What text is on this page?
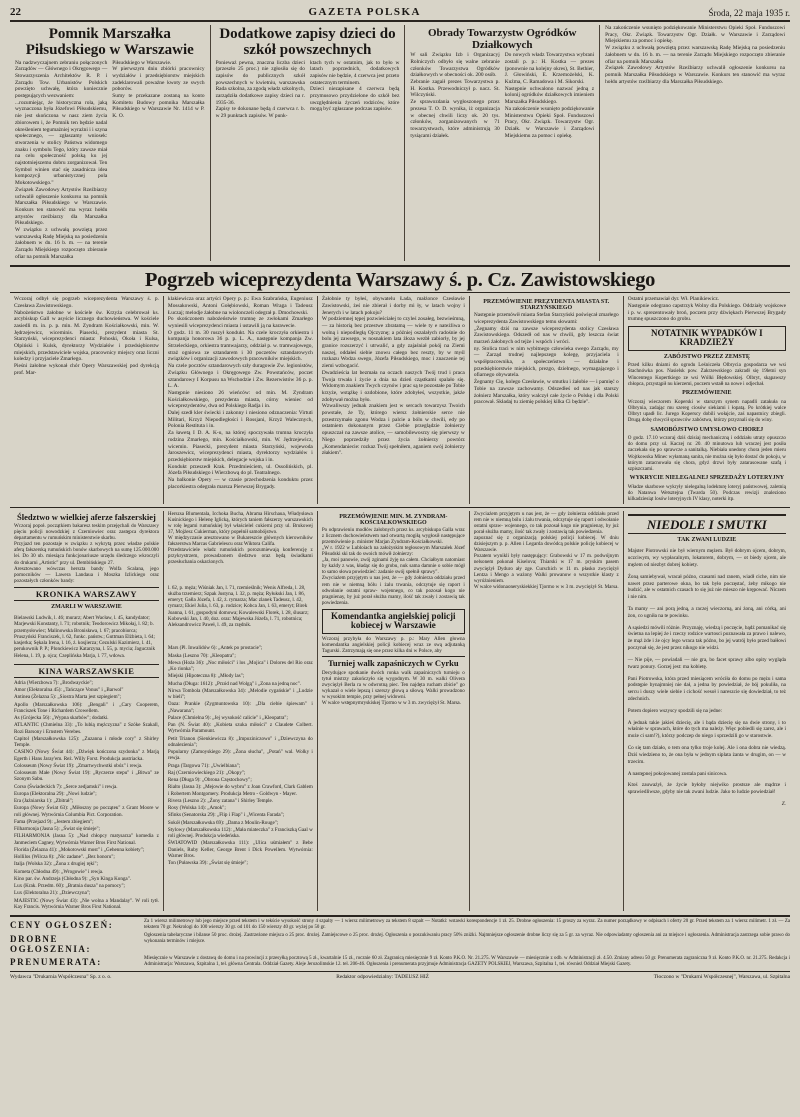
22	GAZETA POLSKA	Środa, 22 maja 1935 r.
Pomnik Marszałka Piłsudskiego w Warszawie

Na nadzwyczajnem zebraniu połączonych Zarządów — Głównego i Okręgowego — Stowarzyszenia Architektów R. P. i Zarządu Tow. Urbanistów Polskich powzięto uchwałę, która koniecznie postępujących wezwaniem:

...rozumiejąc, że historyczna rola, jaką wyznaczona była Józefowi Piłsudskiemu, nie jest skończona w nasz ziem życia zbiorowem i, że Pomnik ten będzie nadal określeniem tegumażniej wyrażni i i szyna społecznego, — zgłaszamy wniosek: stworzenia w stolicy Państwa widomego znaku i symbolu Tego, który zawsze miał na celu społeczność polską ku jej najstotniejszemu dobru zorganizował. Ten Symbol winien stać się zasadnicza idea kompozycji urbanistycznej pola Mokotowskiego."

Związek Zawodowy Artystów Rzeźbiarzy uchwalił ogłoszenie konkursu na pomnik Marszałka Piłsudskiego w Warszawie. Konkurs ten stanowić ma wyraz hołdu artystów rzeźbiarzy dla Marszałka Piłsudskiego.

W związku z uchwałą powziętą przez warszawską Radę Miejską na posiedzeniu żałobnem w dn. 16 b. m. — na terenie Zarządu Miejskiego rozpoczęto zbieranie ofiar na pomnik Marszałka

Piłsudskiego w Warszawie.

W pierwszym dniu zbiórki pracownicy wydziałów i przedsiębiorstw miejskich zadeklarowali poważne kwoty ze swych poborów.

Sumy te przekazane zostaną na konto Komitetu Budowy pomnika Marszałka Piłsudskiego w Warszawie Nr. 1414 w P. K. O.

Dodatkowe zapisy dzieci do szkół powszechnych

Ponieważ pewna, znaczna liczba dzieci (przeszło 25 proc.) nie zgłosiła się do zapisów do publicznych szkół powszechnych w kwietniu, warszawska Rada szkolna, za zgodą władz szkolnych, zarządziła dodatkowe zapisy dzieci na r. 1935-36.

Zapisy te dokonane będą 4 czerwca r. b. w 29 punktach zapisów. W punk-

ktach tych w ostatnim, jak to było w latach poprzednich, dodatkowych zapisów nie będzie, 4 czerwca jest przeto ostatecznym terminem.

Dzieci niezapisane 4 czerwca będą przymusowo przydzielone do szkół bez uwzględnienia życzeń rodziców, które mogą być zgłaszane podczas zapisów.

Obrady Towarzystw Ogródków Działkowych

W sali Związku Izb i Organizacyj Rolniczych odbyło się walne zebranie członków Towarzystwa Ogródków działkowych w obecności ok. 200 osób.

Zebranie zagaił prezes Towarzystwa p. H. Kostka. Przewodniczył p. nacz. St. Wilczyński.

Ze sprawozdania wygłoszonego przez prezesa T. O. D. wynika, iż organizacja w obecnej chwili liczy ok. 20 tys. członków, zorganizowanych w 71 towarzystwach, które administrują 30 tysiącami działek.

Do nowych władz Towarzystwa wybrani zostali p. p.: H. Kostka — prezes (ponownie na kolejny okres), St. Bethier, J. Głowiński, E. Krzemożelski, K. Kuźma, C. Ramadowa i M. Sikorski.

Następnie uchwalono nazwać jedną z kolonij ogródków działkowych imieniem Marszałka Piłsudskiego.

Na zakończenie wsunięto podziękowanie Ministerstwu Opieki Społ. Funduszowi Pracy, Okr. Związk. Towarzystw Ogr. Działk. w Warszawie i Zarządowi Miejskiemu za pomoc i opiekę.

Na zakończenie wsunięto podziękowanie Ministerstwu Opieki Społ. Funduszowi Pracy, Okr. Związk. Towarzystw Ogr. Działk. w Warszawie i Zarządowi Miejskiemu za pomoc i opiekę.

W związku z uchwałą powziętą przez warszawską Radę Miejską na posiedzeniu żałobnem w dn. 16 b. m. — na terenie Zarządu Miejskiego rozpoczęto zbieranie ofiar na pomnik Marszałka

Związek Zawodowy Artystów Rzeźbiarzy uchwalił ogłoszenie konkursu na pomnik Marszałka Piłsudskiego w Warszawie. Konkurs ten stanowić ma wyraz hołdu artystów rzeźbiarzy dla Marszałka Piłsudskiego.

Pogrzeb wiceprezydenta Warszawy ś. p. Cz. Zawistowskiego

Wczoraj odbył się pogrzeb wiceprezydenta Warszawy ś. p. Czesława Zawistowskiego.

Nabożeństwo żałobne w kościele św. Krzyża celebrował ks. arcybiskup Gall w asyście licznego duchowieństwa. W kościele zasiedli m. in. p. p. min. M. Zyndram Kościałkowski, min. W. Jędrzejewicz, wiceminis. Piasecki, prezydent miasta St. Starzyński, wiceprezydenci miasta: Pohoski, Okoła i Kulsa, Olpiński i Kulsk, dyrektorzy Wydziałów i przedsiębiorstw miejskich, przedstawiciele wojska, pracownicy miejscy oraz liczni koledzy i przyjaciele Zmarłego.

Pieśni żałobne wykonał chór Opery Warszawskiej pod dyrekcją prof. Mar-

klakiewicza oraz artyści Opery p. p.: Ewa Szabrańska, Eugeniusz Mossakowski, Antoni Gołębiowski, Roman Wraga i Tadeusz Łuczaj; melodje żałobne na wiolonczeli odegrał p. Dmochowski.

Po skończonem nabożeństwie trumnę ze zwłokami Zmarłego wyniesili wiceprezydenci miasta i ustawili ją na karawecie.

O godz. 11 m. 30 ruszył kondukt. Na czele kroczyła orkiestra i kompanja honorowa 36 p. p. L. A., następnie kompanja Zw. Strzeleckiego, orkiestra tramwajarzy, oddział p. w. tramwajowego, straż ogniowa ze sztandarem i 30 poczetów sztandarowych związków i organizacji zawodowych pracowników miejskich.

Na czele pocztów sztandarowych szły duragowie Zw. legionistów, Związku Głównego i Okręgowego Zw. Powstańców, poczet sztandarowy I Korpusu na Wschodzie i Zw. Rezerwistów 36 p. p. L. A.

Następnie niesiono 26 wieńców: od min. M. Zyndram Kościałkowskiego, prezydenta miasta, córny wieniec od wiceprezydentów, dwa od Polskiego Radja i in.

Dalej szedł kler świecki i zakonny i niesiono odznaczenia: Virtuti Militari, Krzyż Niepodległości i Rossjani, Krzyż Walecznych, Polonia Restituta i in.

Za ławetą I D. A. K-u, na której spoczywała trumna kroczyła rodzina Zmarłego, min. Kościałkowski, min. W. Jędrzejewicz, wicemin. Piasecki, prezydent miasta Starzyński, wojewoda Jaroszewicz, wiceprezydenci miasta, dyrektorzy wydziałów i przedsiębiorstw miejskich, delegacje wojska i in.

Kondukt przeszedł Krak. Przedmieściem, ul. Ossolińskich, pl. Józefa Piłsudskiego i Wierzbową do pl. Teatralnego.

Na balkonie Opery — w czasie przechodzenia konduktu przez placorkiestra odegrała marsza Pierwszej Brygady.

Żałobnie ty byłeś, obywatelu Łada, małżonce Czesławie Zawistowski, żeś nie zbierał i dorby mi ły, w latach wojny i Jenerych i w latach pokoju?

W podziemnej tępej pozwieściałej to czyleś zosałeg, bezwieśmną, — za historią bez przestwe zbratamą — wiele ty e nateżliwa o wolną i niepodległą Ojczyznę; a później oszalałych radośnie do bolu jej zawsego, w nosnakiem lata żłoza wezbł zabiorły, by jej granice rozszerzyć i utrwalić, a gdy zajaśniał pokój na Ziemi naszej, oddałeś siebie znowu całego bez reszty, by w myśl rozkazu Wodza swego, Józefa Piłsudskiego, moc i znaczenie tej ziemi wzbogacić.

Dwadzieścia lat bezmała na oczach naszych Twój trud i praca Twoja trwała i życie a dnia na dzień cząstkami spalało się. Widomym znakiem Twych czynów i prac są te pozostałe po Tobie krzyże, wstążkę i ozdobione, które zdobyłeś, wszystkie, jakże zdobywał można było.

Wzwaliwszy jednak znakiem jest w sercach towarzysz Twoich powstałe, że Ty, którego wiersz żołnierskie serce nie przestrzymało zgonu Wodza i palcie a bólu w chwili, edy po ostatniem dokonanym przez Ciebie przeglądzie żołnierzy opuszczał na zawsze atolice, — samobilewosrzy się pierwszy w Niego poprzedziły przez życia żołnierzy powtórz „Komendaniecie: rozkaz Twój spełniłem, aganiem swój żołnierzy złakiem".

PRZEMÓWIENIE PREZYDENTA MIASTA ST. STARZYŃSKIEGO

Następnie przemówił miasta Stefan Starzyński poświęcał zmarłego wiceprezydenta Zawistowskiego temu słowami:

„Żegnamy dziś na zawsze wiceprezydenta stolicy Czesława Zawistowskiego. Odszedł od nas w chwili, gdy leszcza świat marzeń żałobnych od tejże i wspóch i wróci.

ny. Stolica traci w nim wybitnego człowieka swego Zarządu, my — Zarząd trudnej najlepszego kolegę, przyjaciela i współpracownika, a społeczeństwo — działalne i przedsiębiorstwie miejskich, prezgo, dzielnego, wymagającego i ofiarnego obywatela.

Żegnamy Cię, kolego Czesławie, w smutku i żałobie — i pamięć o Tobie na zawsze zachowamy. Odszedłeś od nas jak starszy żołnierz Marszałka, który walczył całe życie o Polskę i dla Polski pracował. Składaj tu ziemię polskiej kilka Ci będzie".

Ostatni przemawiał dyr. Wł. Planikiewicz.

Następnie odegrano capstrzyk Wolny dla Polskiego. Oddziały wojskowe i p. w. sprezentowały broń, poczem przy dźwiękach Pierwszej Brygady trumnę spuszczono do grobu.

NOTATNIK WYPADKÓW I KRADZIEŻY
ZABÓJSTWO PRZEZ ZEMSTĘ

Przed kilku dniami do ogrodu Leśniczeła Olbrycia gospodarza we wsi Stachnówka pos. Nasielsk pow. Zakrzewskiego zakradł się 19letni syn Wincentego Kopertkiego ze wsi Wólki Błędowskiej. Olbryt, skąpawszy chłopca, przystąpił nu kierzemi, poczem wstałł na nowe i odjechał.

PRZEMÓWIENIE

Wczoraj wieczorem Koperski w starszym synem napadli zatakuła na Olbrynia, zadając mu szereg ciosów siekiami i łopatą. Po krótkiej walce Olbryt upadł lic. Jurego Koperscy dobili wołajcie, zaś napastnicy zbiegli. Drugą dobę chwycił sprawców zabóstwa, którzy przyznali się do winy.

SAMOBÓJSTWO UMYSŁOWO CHOREJ

O godz. 17.10 wczoraj dziś dzisiaj mechaniczną i oddziału utraty opuszczo do domu przy ul. Kaczej nr. 20. 40 minutowa lub wraczej jest posiła zaczekała się po sprawcze a sanitalką. Niebiała unedony chora jeden mieru Wojtkowska Minec wyłamaną sanita, nie można się było dostać do pokoju, w którym zatacnowała się chora, gdyż drzwi były zatarasowane szafą i szpiszczami.

WYKRYCIE NIELEGALNEJ SPRZEDAŻY LOTERYJNY

Władze skarbowe wykryły nielegalną lodekturę loteryj państwowej, zaletnią do Natanwa Wetsztejna (Twarda 50). Podczas rewizji znaleziono kilkadziesiąt losów loteryjnych IV klasy, noterki itp.

Śledztwo w wielkiej aferze fałszerskiej

Wczoraj popoł. początkiem bakaresz teskim przejęchali do Warszawy pięciu policji nowodzkiej z Czerniowiec oraz zastępca dyrektora departamentu w rumuńskim ministerstwie skarbu.

Przyjazd ten pozostaje w związku z wykrytą przez władze polskie aferą fałszerską rumuńskich bonów skarbowych na sumę 125.000.000 lei. Do 30 ub. miesiąca funkcjonariusze urzędu śledczego wkroczyli do drukarni „Artistic" przy ul. Dembińskiego 27.

Aresztowano wówczas herszta bandy Wolfa Scalana, jego pomocników — Lawera Landaua i Moszka Izlickiego oraz pozostałych członków bandy:

KRONIKA WARSZAWY
ZMARLI W WARSZAWIE

Bielawski Ludwik, l. 46; murarz; Abert Wacław, l. 45, kandydator; Marjewski Konstanty, l. 71; robotnik; Teodorowicz Mikołaj, l. 82; b. przemysłowiec; Malinowska Bronisława, l. 67; pracobiorca; Pruszyński Franciszek, l. 62, funkc. państw.; Guttman Elżbieta, l. 64; kasjerka; Sękala Irena, l. 16, ż. kosjierza; Cezulski Kazimierz, l. 41, perukownik P. P.; Plonckiewicz Katarzyna, l. 55, p. mycia; Jagucznik Helena, l. 19, p. ojca; Czeplińska Marja, l. 77, wdowa.

KINA WARSZAWSKIE

Adria (Wierzbowa 7): „Brodwayckie";

Amor (Elektoralna 45): „Tańczące Vonus" i „Barwol"

Antinea (Żelazna 5): „Siostra Marta jest szpiegiem";

Apollo (Marszałkowska 106): „Bengali" i „Cary Cooperem, Franciszek Tone i Richardem Crowellem.

As (Grójecka 56): „Wypna skarbów"; dodatki.

ATLANTIC (Chmielna 33): „To lubią mężczyzna" z Szóke Szakall, Rozi Barsony i Ernstem Verebes.

Capitol (Marszałkowska 125): „Zuzanna i młode cory" z Shirley Temple.

CASINO (Nowy Świat 44): „Dźwięk kończona szydonka" z Marją Egerth i Hans Jaray'em. Reż. Willy Forst. Produkcja austriacka.

Colosseum (Nowy Świat 19): „Zmartwychwstki obóz" i rewja.

Colosseum Małe (Nowy Świat 19): „Ryczerze stepu" i „Bitwa" ze Szonym Sabu.

Corso (Świadeckich 7): „Serce zedjamski" i rewja.

Europa (Elektoralna 29): „Nowi ludzie";

Era (Jaźniarska 1): „Zbitrał";

Europa (Nowy Świat 63): „Miłoszny po począteк" z Grant Moore w roli głównej. Wytwórnia Columbia Pict. Corporation.

Fama (Przejazd 9): „Jestem zbiegiem";

Filharmonja (Jasna 5): „Świat się śmieje";

FILHARMONJA (Jasna 5): „Nad chłopcy matysarza" komedia z Janmeciem Cagney, Wytwórnia Warner Bros First National.

Florida (Żelazna 41): „Mokotowski most" i „Gehenna kobiety";

Hollilos (Wilcza 8): „Nic zadane". „Bez honoru";

Italja (Wolska 32): „Żona z drugiej ręki";

Kometa (Chłodna 49): „Wrogowie" i rewja.

Kino par. św. Andrzeja (Chłodna 9): „Syn Kinga Konga".

Lux (Krak. Przedm. 60): „Bratnia dusza" na pomocy";

Lux (Elektoralna 21): „Dziewczyna";

MAJESTIC (Nowy Świat 43): „Nie wolna a Mandalay". W roli tytł. Kay Francis. Wytwórnia Warner Bros First National.

Herszsa Blumentala, Icchoka Bucha, Abrama Hirschaua, Władysława Kuśnickiego i Helenę Iglicką, których taniem fałszerzy warszawskich w rolę legami rumuńskiej był właścielel cukierni przy ul. Brukowej 37, Mojżesz Cukierman, który popełnił samobójstwo.

W międzyczasie aresztowano w Bukareszcie głównych kierowników fałszerstwa Marcas Gabrielescu oraz Wiktora Califa.

Przedstawiciele władz rumuńskich porozumiewają konferencję z przykrystrzem, prowadzonem śledztwo oraz będą świadkami przesłuchania oskarżonych.

l. 62, p. męża; Wiśniak Jan, l. 71, rzemieślnik; Wenis Alfreda, l. 28, służba trzemierz; Szpak Justyna, l. 32, p. męża; Ryłukski Jan, l. 86, emeryt; Gałla Józefa, l. 42, ż. rymarza; Mac zlanek Tadeusz, l. 42, rymarz; Ekiel Julia, l. 63, p. rodzice; Kobca Jan, l. 63, emeryt; Birek Joanna, l. 61, gospodyni domowa; Kowalewski Florek, l. 28, ślusarz; Kobowski Jan, l. 40, doz. oraz: Majewska Józefa, l. 71, robotnica; Aleksandrowicz Paweł, l. 49, za rzędnik.

Mars (Pl. Inwalidów 6): „Antek po prostacie";

Maska (Leszno 70): „Kleopatra";

Mewa (Hoża 36): „Noc miłości" i los „Mojica" i Dolores del Rio oraz „Ko rionka";

Miejski (Hipoteczna 8): „Młody las";

Mucha (Długa: 1612): „Przód nad Wolgą" i „Zona na jedną noc".

Nirwa Tombola (Marszałkowska 34): „Melodie cygańskie" i „Ludzie w bieli";

Oaza: Prankie (Zygmuntowska 10): „Dla ciebie śpiewam" i „Nawarana";

Palace (Chmielna 9): „Jej wysokość calicie" i „Kleopatra";

Pan (N. Świat 40): „Kobieta szuka miłości" z Claudete Colbert. Wytwórnia Paramount.

Petit Trianon (Sienkiewicza 8): „Impoziniczowo" i „Dziewczyna do odnalezienia";

Popularny (Zamoyskiego 29): „Żona słucha", „Potań" wal. Wolky i rewja.

Praga (Targowa 71): „Uwielbiana";

Raj (Czerniowieckiego 21): „Okopy";

Rena (Długa 9): „Obrona Częstochowy";

Rialto (Jasna 3): „Mejowie do wybru" z Joan Crawford, Clark Gablem i Robertem Montgomery. Produkcja Metro - Goldwyn - Mayer.

Rivera (Leszno 2): „Żony zatana" i Shirley Temple.

Rosy (Wolska 14): „Amok";

Sfinks (Senatorska 29): „Flip i Flap" i „Wicenta Farada";

Sokół (Marszałkowska 69): „Dama z Moulin-Rouge";

Stylowy (Marszałkowska 112): „Mała miateczka" z Franciszką Gaal w roli głównej. Produkcja wiedeńska.

ŚWIATOWID (Marszałkowska 111): „Ulica uśmiałem" z Bebe Daniels, Ruby Keller, George Brent i Dick Powellem. Wytwórnia: Warner Bros.

Ton (Puławska 39): „Świat się śmieje";

PRZEMÓWIENIE MIN. M. ZYNDRAM-KOŚCIAŁKOWSKIEGO

Po odprawieniu modłów żałobnych przez ks. arcybiskupa Galla wraz z licznem duchowieństwem nad otwartą mogiłą wygłosił następujące przemówienie p. minister Marjan Zyndram-Kościałkowski.

„W r. 1922 w Lubloiach na założyskim tegłosowym Marszałek Józef Piłsudski ski tak do swoich mówił żołnierzy:

„Ja, moi panowie, zwój zginami żyję na całem. Chciałbym natomiast by każdy z was, kładąc się do grobu, nuk sama damnie o sobie mógł to samo słowa powiedzieć: zadanie swój spełnił sprawy".

Zwyciażem przyjętym u nas jest, że — gdy żołnierza oddziału przed rem nie w niemną bólu i żalu trwania, odczytuje się raport i odwołanie ostatni spraw- wojennego, co tak pozosał kogo nie pragnienay, by już porał służba mamy, ilość tak zwały i zostawią tak powiedzenia.

Komendantka angielskiej policji kobiecej w Warszawie

Wczoraj przybyła do Warszawy p. p.: Mary Allen głowna komendantka angielskiej policji kobiecej wraz ze swą adjutanką Tagurski. Zatrzymają się one przez kilka dni w Polsce, aby

Turniej walk zapaśniczych w Cyrku

Decydujące spotkanie dwóch ronka walk zapaśniczych turnieju o tytuł mistrzy zakończyło się wygodnym. W 30 m. walki Olivera zwyciężył Berla ra w odwrotną piec. Ten najdęta rucham zbicie" go wykazał o wiele lepszą i szerszy głową a siłową. Walki prowadzono w wysokim tempie, przy pełnej widowni.

W walce wstępnymryskiskej Tjormo w w 3 m. zwyciężył St. Marsa.

Zwyciażem przyjętym u nas jest, że — gdy żołnierza oddziału przed rem nie w niemną bólu i żalu trwania, odczytuje się raport i odwołanie ostatni spraw- wojennego, co tak pozosał kogo nie pragnienay, by już porał służba mamy, ilość tak zwały i zostawią tak powiedzenia.

zapoznać się z organizacją polskiej policji kobiecej. W dniu dzisiejszym p. p. Allen i Legarda dowódcą polskie policję kobiecej w Warszawie.

Pozatem wynikli były następujący: Grabowski w 17 m. podwójnym nelsonem pokonał Kiselova; Thiarski w 17 m. pryskim pasem zwyciężył Dyduro ały zge. Curschich w 11 m. płasko zwyciężył Lentza i Mengo a ważony Walki prowanow o wszystkie klasty z wyróżnieniem.

W walce widonaoneryskiekkiej Tjormo w w 3 m. zwyciężył St. Marsa.

NIEDOLE I SMUTKI
TAK ZWANI LUDZIE

Majster Piotrowski nie był wiernym mężem. Był dobrym ojcem, dobrym, uczciwym, wy wypłacalnym, lokatorem, dobrym, — ot biedy ojcem, ale mężem od niezbyt dobrej kobiety.

Żoną samiebywał, wracał późno, czasami nad ranem, wiadł ciche, nim nie nawet przez parterowe okna, bo tak było poczęstać, żeby mikogo nie budzić, ale w ostatnich czasach to się już nie mieszo nie krępować. Niczem i nie nim.

Ta mamy — ani porą jedną, a raczej wieczorną, ani żoną, ani córką, ani żon, co ugniła na te powinku.

A sąsiedzi mówili różnie. Przyznaję, wiedzą i poczęcie, bądź pomanikać się świetna na lepiej że i rzeczy rodzice wartosci poznawała za prawo i nalewo, że mąż żde i że ojcy lego wraca tak późno, bo jej watrój było przed bałłowi poczynał się, że jest przez nikogo nie widzi.

— Nie pije, — powiadali — nie gra, bo facet sprawy albo opity wygląda twarz ponury. Gorzej jest: ma kobietę.

Pani Piotrowska, która przed miesiącem wróciła do domu po mężu i sama podstępie bynajmniej nie dał, a jedna by powiedział, że bój pokuliła, na sercu i duszy wiele siebie i cichość wesoł i nareszcie się dowiedział, to też zdechnich.

Potem dopiero wszyscy spodzili się na jedne:

A jednak takie jakieś dziecię, ale i bąda dziecię się na dwie strony, i to właśnie w sprawach, które do tych ma należy. Więc pobiedli się zarez, ale i może ci sam!?), którzy podczep do niego i sprzedzili go w starostwie.

Co się tam działo, o tem ona tylko troje kolej. Ale i ona dobra nie wiedzą. Dziś wiedzieno to, że ona była w jednym siplata żanta w drugim, on — w trzecim.

A następnej pokojowanej zostala pani sinicowa.

Ktoś zauważył, że życie byłoby niejwiko prostsze ale mądrze i sprawiedliwsze, gdyby nie tak zwani ludzie. Jako to ludzie powiedział!

Z.
CENY OGŁOSZEŃ:	Za 1 wiersz milimetrowy lub jego miejsce przed tekstem i w tekście wysokość strony 4 szpalty — 1 wiersz milimetrowy za tekstem 8 szpalt — Notatki: wstawki korespondencje 1 zł. 25. Drobne ogłoszenia: 15 groszy za wyraz. Za numer porządkowy w odpisach i oferty 20 gr. Przed tekstem za 1 wiersz milimetr. 1 zł. — Za tekstem 70 gr. Nekrologi do 100 wierszy 30 gr. od 101 do 150 wierszy 40 gr. wyżej po 50 gr.
DROBNE OGŁOSZENIA:
Ogłoszenia tabelaryczne i bilanse 50 proc. drożej. Zastrzeżone miejsca o 25 proc. drożej. Zamiejscowe o 25 proc. drożej. Ogłoszenia o poszukiwaniu pracy 50% zniżki. Najmniejsze ogłoszenie drobne liczy się za 5 gr. za wyraz. Nie odpowiadamy ogłoszenia ani za miejsce i ogłoszenia. Administracja zastrzega sobie prawo do wykonania terminów i miejsce.
PRENUMERATA:	Miesięcznie w Warszawie z dostawą do domu i na prowincji z przesyłką pocztową 5 zł., kwartalnie 15 zł., rocznie 60 zł. Zagranicą miesięcznie 9 zł. Konto P.K.O. Nr. 21.275. W Warszawie — miesięcznie z odb. w Administracji zł. 4.50. Zmiany adresu 50 gr. Prenumerata zagraniczna 9 zł. Konto P.K.O. nr. 21.275. Redakcja i Administracja: Warszawa, Szpitalna 1, tel. główna Centrala. Oddział Gazety. Aleje Jerozolimskie 12. tel. 206-46. Ogłoszenia i prenumerata przyjmuje Administracja GAZETY POLSKIEJ, Warszawa, Szpitalna 1, teł. również Oddział Miejski Gazety.
Wydawca "Drukarnia Współczesna" Sp. z o. o.	Redaktor odpowiedzialny: TADEUSZ HIŻ	Tłoczono w "Drukarni Współczesnej", Warszawa, ul. Szpitalna
